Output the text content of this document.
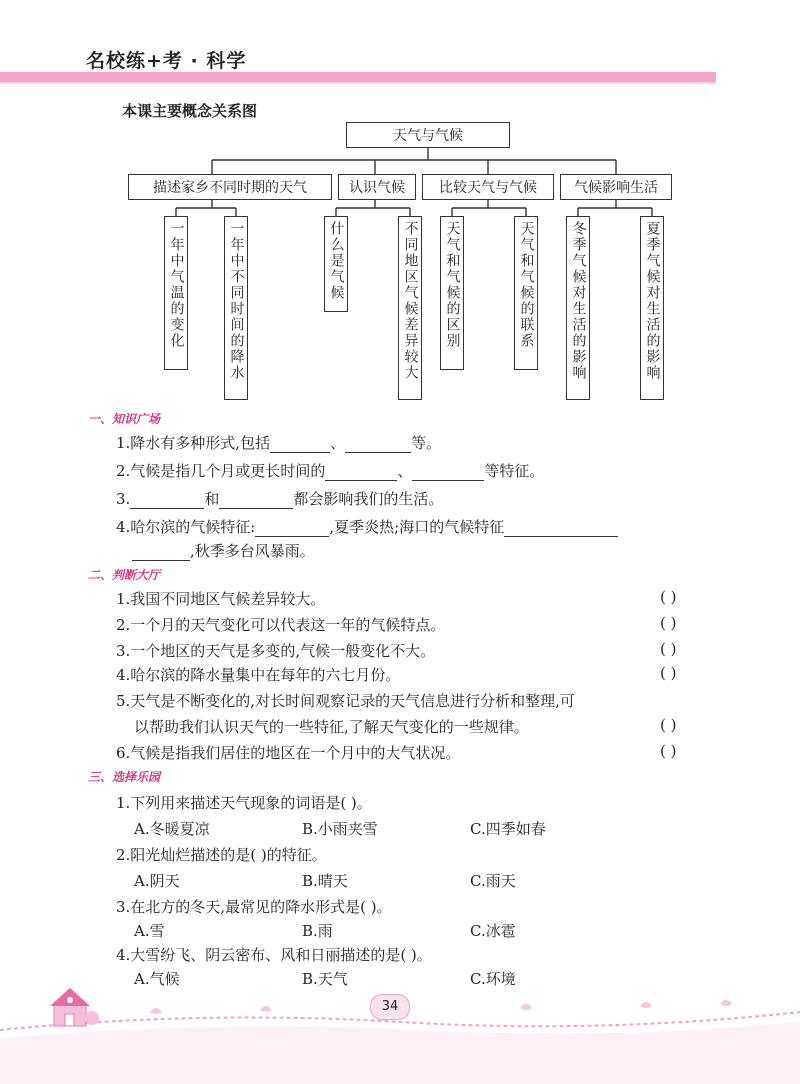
名校练+考 · 科学
本课主要概念关系图
天气与气候
描述家乡不同时期的天气	认识气候 比较天气与气候	气候影响生活
一年中气温的变化	一年中不同时间的降水	什么是气候	不同地区气候差异较大 天气和气候的区别	天气和气候的联系	冬季气候对生活的影响	夏季气候对生活的影响
一、知识广场
1.降水有多种形式,包括	、	等。
2.气候是指几个月或更长时间的	、	等特征。
3.	和	都会影响我们的生活。
4.哈尔滨的气候特征:	,夏季炎热;海口的气候特征
,秋季多台风暴雨。
二、判断大厅
1.我国不同地区气候差异较大。	( )
2.一个月的天气变化可以代表这一年的气候特点。	( )
3.一个地区的天气是多变的,气候一般变化不大。	( )
4.哈尔滨的降水量集中在每年的六七月份。	( )
5.天气是不断变化的,对长时间观察记录的天气信息进行分析和整理,可
以帮助我们认识天气的一些特征,了解天气变化的一些规律。	( )
6.气候是指我们居住的地区在一个月中的大气状况。	( )
三、选择乐园
1.下列用来描述天气现象的词语是( )。
A.冬暖夏凉	B.小雨夹雪	C.四季如春
2.阳光灿烂描述的是( )的特征。
A.阴天	B.晴天	C.雨天
3.在北方的冬天,最常见的降水形式是( )。
A.雪	B.雨	C.冰雹
4.大雪纷飞、阴云密布、风和日丽描述的是( )。
A.气候	B.天气	C.环境
34
